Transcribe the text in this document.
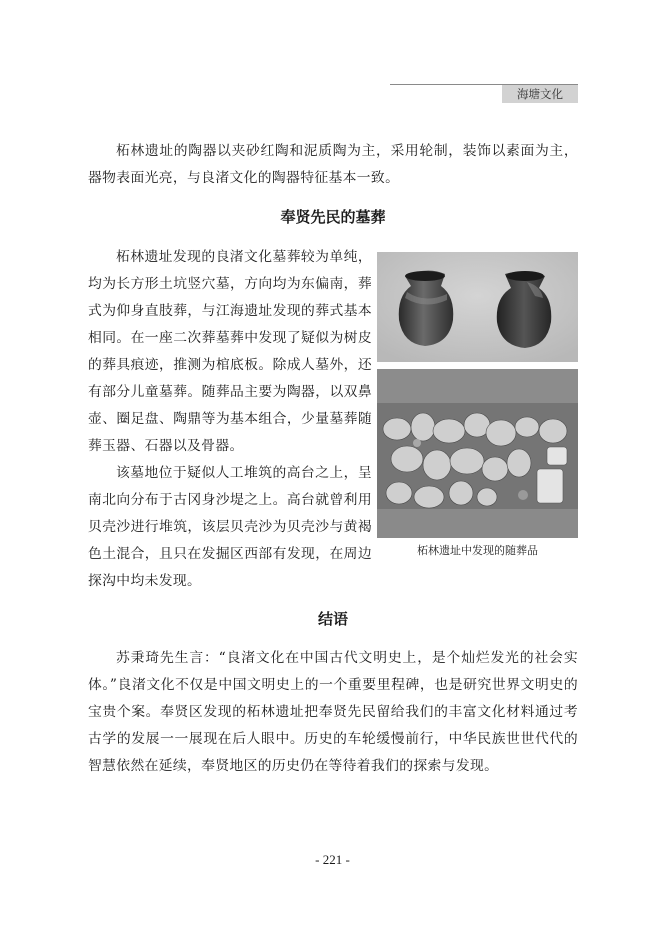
海塘文化

柘林遗址的陶器以夹砂红陶和泥质陶为主，采用轮制，装饰以素面为主，器物表面光亮，与良渚文化的陶器特征基本一致。

奉贤先民的墓葬

柘林遗址发现的良渚文化墓葬较为单纯，均为长方形土坑竖穴墓，方向均为东偏南，葬式为仰身直肢葬，与江海遗址发现的葬式基本相同。在一座二次葬墓葬中发现了疑似为树皮的葬具痕迹，推测为棺底板。除成人墓外，还有部分儿童墓葬。随葬品主要为陶器，以双鼻壶、圈足盘、陶鼎等为基本组合，少量墓葬随葬玉器、石器以及骨器。

柘林遗址中发现的随葬品

该墓地位于疑似人工堆筑的高台之上，呈南北向分布于古冈身沙堤之上。高台就曾利用贝壳沙进行堆筑，该层贝壳沙为贝壳沙与黄褐色土混合，且只在发掘区西部有发现，在周边探沟中均未发现。

结语

苏秉琦先生言：“良渚文化在中国古代文明史上，是个灿烂发光的社会实体。”良渚文化不仅是中国文明史上的一个重要里程碑，也是研究世界文明史的宝贵个案。奉贤区发现的柘林遗址把奉贤先民留给我们的丰富文化材料通过考古学的发展一一展现在后人眼中。历史的车轮缓慢前行，中华民族世世代代的智慧依然在延续，奉贤地区的历史仍在等待着我们的探索与发现。

- 221 -
